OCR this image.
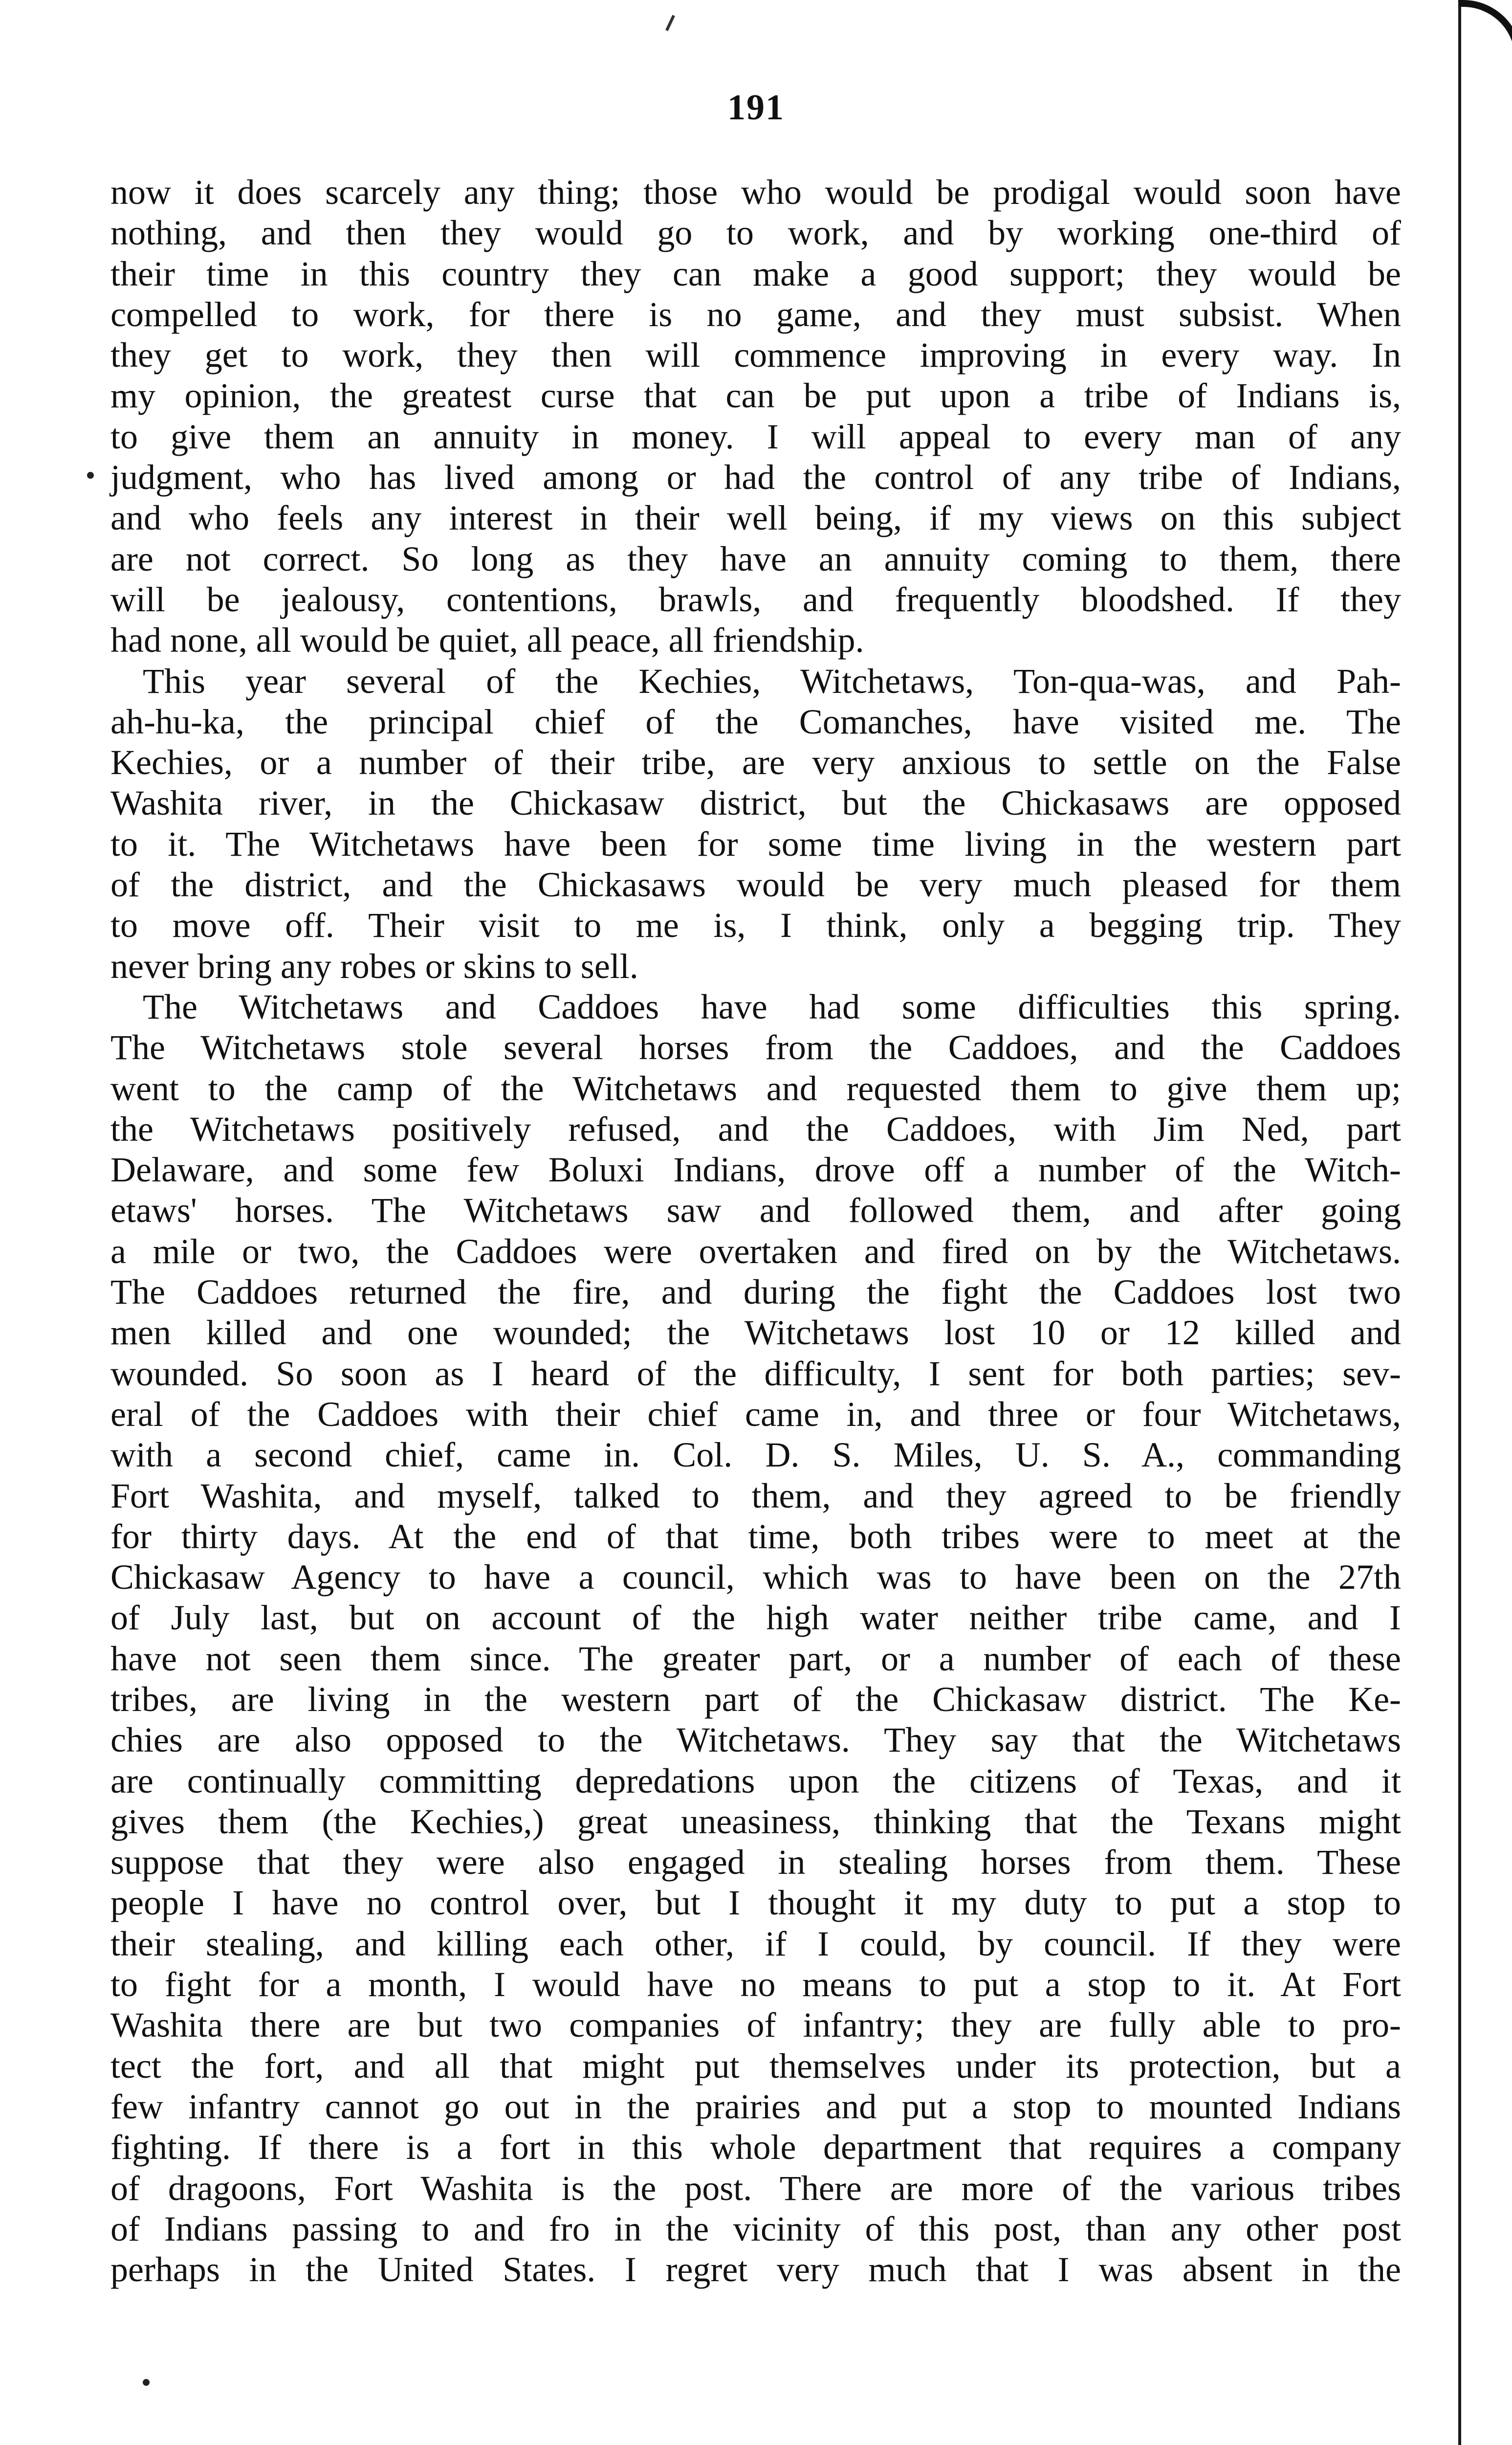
191
now it does scarcely any thing; those who would be prodigal would soon have
nothing, and then they would go to work, and by working one-third of
their time in this country they can make a good support; they would be
compelled to work, for there is no game, and they must subsist. When
they get to work, they then will commence improving in every way. In
my opinion, the greatest curse that can be put upon a tribe of Indians is,
to give them an annuity in money. I will appeal to every man of any
judgment, who has lived among or had the control of any tribe of Indians,
and who feels any interest in their well being, if my views on this subject
are not correct. So long as they have an annuity coming to them, there
will be jealousy, contentions, brawls, and frequently bloodshed. If they
had none, all would be quiet, all peace, all friendship.
This year several of the Kechies, Witchetaws, Ton-qua-was, and Pah-
ah-hu-ka, the principal chief of the Comanches, have visited me. The
Kechies, or a number of their tribe, are very anxious to settle on the False
Washita river, in the Chickasaw district, but the Chickasaws are opposed
to it. The Witchetaws have been for some time living in the western part
of the district, and the Chickasaws would be very much pleased for them
to move off. Their visit to me is, I think, only a begging trip. They
never bring any robes or skins to sell.
The Witchetaws and Caddoes have had some difficulties this spring.
The Witchetaws stole several horses from the Caddoes, and the Caddoes
went to the camp of the Witchetaws and requested them to give them up;
the Witchetaws positively refused, and the Caddoes, with Jim Ned, part
Delaware, and some few Boluxi Indians, drove off a number of the Witch-
etaws' horses. The Witchetaws saw and followed them, and after going
a mile or two, the Caddoes were overtaken and fired on by the Witchetaws.
The Caddoes returned the fire, and during the fight the Caddoes lost two
men killed and one wounded; the Witchetaws lost 10 or 12 killed and
wounded. So soon as I heard of the difficulty, I sent for both parties; sev-
eral of the Caddoes with their chief came in, and three or four Witchetaws,
with a second chief, came in. Col. D. S. Miles, U. S. A., commanding
Fort Washita, and myself, talked to them, and they agreed to be friendly
for thirty days. At the end of that time, both tribes were to meet at the
Chickasaw Agency to have a council, which was to have been on the 27th
of July last, but on account of the high water neither tribe came, and I
have not seen them since. The greater part, or a number of each of these
tribes, are living in the western part of the Chickasaw district. The Ke-
chies are also opposed to the Witchetaws. They say that the Witchetaws
are continually committing depredations upon the citizens of Texas, and it
gives them (the Kechies,) great uneasiness, thinking that the Texans might
suppose that they were also engaged in stealing horses from them. These
people I have no control over, but I thought it my duty to put a stop to
their stealing, and killing each other, if I could, by council. If they were
to fight for a month, I would have no means to put a stop to it. At Fort
Washita there are but two companies of infantry; they are fully able to pro-
tect the fort, and all that might put themselves under its protection, but a
few infantry cannot go out in the prairies and put a stop to mounted Indians
fighting. If there is a fort in this whole department that requires a company
of dragoons, Fort Washita is the post. There are more of the various tribes
of Indians passing to and fro in the vicinity of this post, than any other post
perhaps in the United States. I regret very much that I was absent in the
